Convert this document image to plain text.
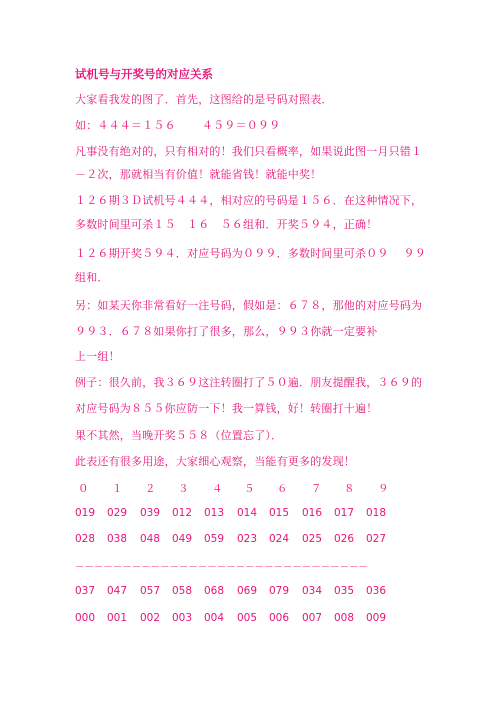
试机号与开奖号的对应关系
大家看我发的图了．首先，这图给的是号码对照表．
如：４４４＝１５６　　 ４５９＝０９９
凡事没有绝对的，只有相对的！我们只看概率，如果说此图一月只错１
－２次，那就相当有价值！就能省钱！就能中奖！
１２６期３Ｄ试机号４４４，相对应的号码是１５６．在这种情况下，
多数时间里可杀１５　１６　５６组和．开奖５９４，正确！
１２６期开奖５９４．对应号码为０９９．多数时间里可杀０９　 ９９
组和．
另：如某天你非常看好一注号码，假如是：６７８，那他的对应号码为
９９３．６７８如果你打了很多，那么，９９３你就一定要补
上一组！
例子：很久前，我３６９这注转圈打了５０遍．朋友提醒我，３６９的
对应号码为８５５你应防一下！我一算钱，好！转圈打十遍！
果不其然，当晚开奖５５８（位置忘了）．
此表还有很多用途，大家细心观察，当能有更多的发现！
０ １ ２ ３ ４ ５ ６ ７ ８ ９
019 029 039 012 013 014 015 016 017 018
028 038 048 049 059 023 024 025 026 027
－－－－－－－－－－－－－－－－－－－－－－－－－－－－－－－
037 047 057 058 068 069 079 034 035 036
000 001 002 003 004 005 006 007 008 009
